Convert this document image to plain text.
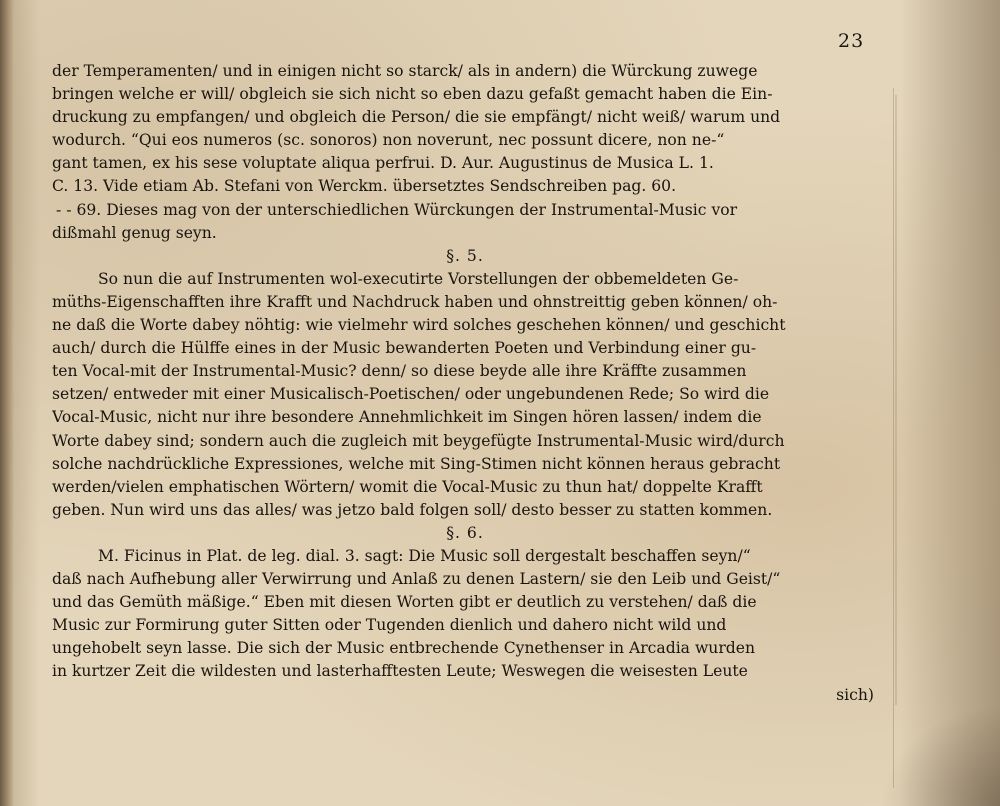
23
der Temperamenten/ und in einigen nicht so starck/ als in andern) die Würckung zuwege
bringen welche er will/ obgleich sie sich nicht so eben dazu gefaßt gemacht haben die Ein-
druckung zu empfangen/ und obgleich die Person/ die sie empfängt/ nicht weiß/ warum und
wodurch. “Qui eos numeros (sc. sonoros) non noverunt, nec possunt dicere, non ne-“
gant tamen, ex his sese voluptate aliqua perfrui. D. Aur. Augustinus de Musica L. 1.
C. 13. Vide etiam Ab. Stefani von Werckm. übersetztes Sendschreiben pag. 60.
- - 69. Dieses mag von der unterschiedlichen Würckungen der Instrumental-Music vor
dißmahl genug seyn.
§. 5.
So nun die auf Instrumenten wol-executirte Vorstellungen der obbemeldeten Ge-
müths-Eigenschafften ihre Krafft und Nachdruck haben und ohnstreittig geben können/ oh-
ne daß die Worte dabey nöhtig: wie vielmehr wird solches geschehen können/ und geschicht
auch/ durch die Hülffe eines in der Music bewanderten Poeten und Verbindung einer gu-
ten Vocal-mit der Instrumental-Music? denn/ so diese beyde alle ihre Kräffte zusammen
setzen/ entweder mit einer Musicalisch-Poetischen/ oder ungebundenen Rede; So wird die
Vocal-Music, nicht nur ihre besondere Annehmlichkeit im Singen hören lassen/ indem die
Worte dabey sind; sondern auch die zugleich mit beygefügte Instrumental-Music wird/durch
solche nachdrückliche Expressiones, welche mit Sing-Stimen nicht können heraus gebracht
werden/vielen emphatischen Wörtern/ womit die Vocal-Music zu thun hat/ doppelte Krafft
geben. Nun wird uns das alles/ was jetzo bald folgen soll/ desto besser zu statten kommen.
§. 6.
M. Ficinus in Plat. de leg. dial. 3. sagt: Die Music soll dergestalt beschaffen seyn/“
daß nach Aufhebung aller Verwirrung und Anlaß zu denen Lastern/ sie den Leib und Geist/“
und das Gemüth mäßige.“ Eben mit diesen Worten gibt er deutlich zu verstehen/ daß die
Music zur Formirung guter Sitten oder Tugenden dienlich und dahero nicht wild und
ungehobelt seyn lasse. Die sich der Music entbrechende Cynethenser in Arcadia wurden
in kurtzer Zeit die wildesten und lasterhafftesten Leute; Weswegen die weisesten Leute
sich)
